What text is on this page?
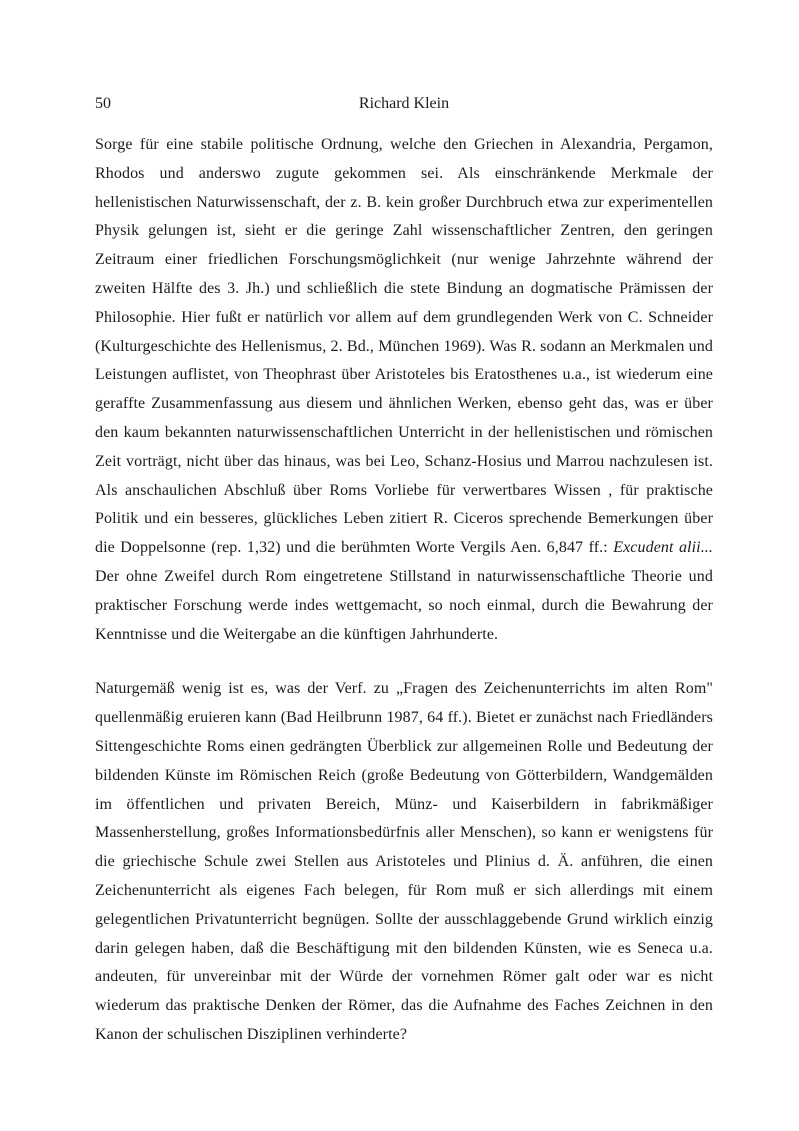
50	Richard Klein

Sorge für eine stabile politische Ordnung, welche den Griechen in Alexandria, Pergamon, Rhodos und anderswo zugute gekommen sei. Als einschränkende Merkmale der hellenistischen Naturwissenschaft, der z. B. kein großer Durchbruch etwa zur experimentellen Physik gelungen ist, sieht er die geringe Zahl wissenschaftlicher Zentren, den geringen Zeitraum einer friedlichen Forschungsmöglichkeit (nur wenige Jahrzehnte während der zweiten Hälfte des 3. Jh.) und schließlich die stete Bindung an dogmatische Prämissen der Philosophie. Hier fußt er natürlich vor allem auf dem grundlegenden Werk von C. Schneider (Kulturgeschichte des Hellenismus, 2. Bd., München 1969). Was R. sodann an Merkmalen und Leistungen auflistet, von Theophrast über Aristoteles bis Eratosthenes u.a., ist wiederum eine geraffte Zusammenfassung aus diesem und ähnlichen Werken, ebenso geht das, was er über den kaum bekannten naturwissenschaftlichen Unterricht in der hellenistischen und römischen Zeit vorträgt, nicht über das hinaus, was bei Leo, Schanz-Hosius und Marrou nachzulesen ist. Als anschaulichen Abschluß über Roms Vorliebe für verwertbares Wissen , für praktische Politik und ein besseres, glückliches Leben zitiert R. Ciceros sprechende Bemerkungen über die Doppelsonne (rep. 1,32) und die berühmten Worte Vergils Aen. 6,847 ff.: Excudent alii... Der ohne Zweifel durch Rom eingetretene Stillstand in naturwissenschaftliche Theorie und praktischer Forschung werde indes wettgemacht, so noch einmal, durch die Bewahrung der Kenntnisse und die Weitergabe an die künftigen Jahrhunderte.

Naturgemäß wenig ist es, was der Verf. zu „Fragen des Zeichenunterrichts im alten Rom" quellenmäßig eruieren kann (Bad Heilbrunn 1987, 64 ff.). Bietet er zunächst nach Friedländers Sittengeschichte Roms einen gedrängten Überblick zur allgemeinen Rolle und Bedeutung der bildenden Künste im Römischen Reich (große Bedeutung von Götterbildern, Wandgemälden im öffentlichen und privaten Bereich, Münz- und Kaiserbildern in fabrikmäßiger Massenherstellung, großes Informationsbedürfnis aller Menschen), so kann er wenigstens für die griechische Schule zwei Stellen aus Aristoteles und Plinius d. Ä. anführen, die einen Zeichenunterricht als eigenes Fach belegen, für Rom muß er sich allerdings mit einem gelegentlichen Privatunterricht begnügen. Sollte der ausschlaggebende Grund wirklich einzig darin gelegen haben, daß die Beschäftigung mit den bildenden Künsten, wie es Seneca u.a. andeuten, für unvereinbar mit der Würde der vornehmen Römer galt oder war es nicht wiederum das praktische Denken der Römer, das die Aufnahme des Faches Zeichnen in den Kanon der schulischen Disziplinen verhinderte?
